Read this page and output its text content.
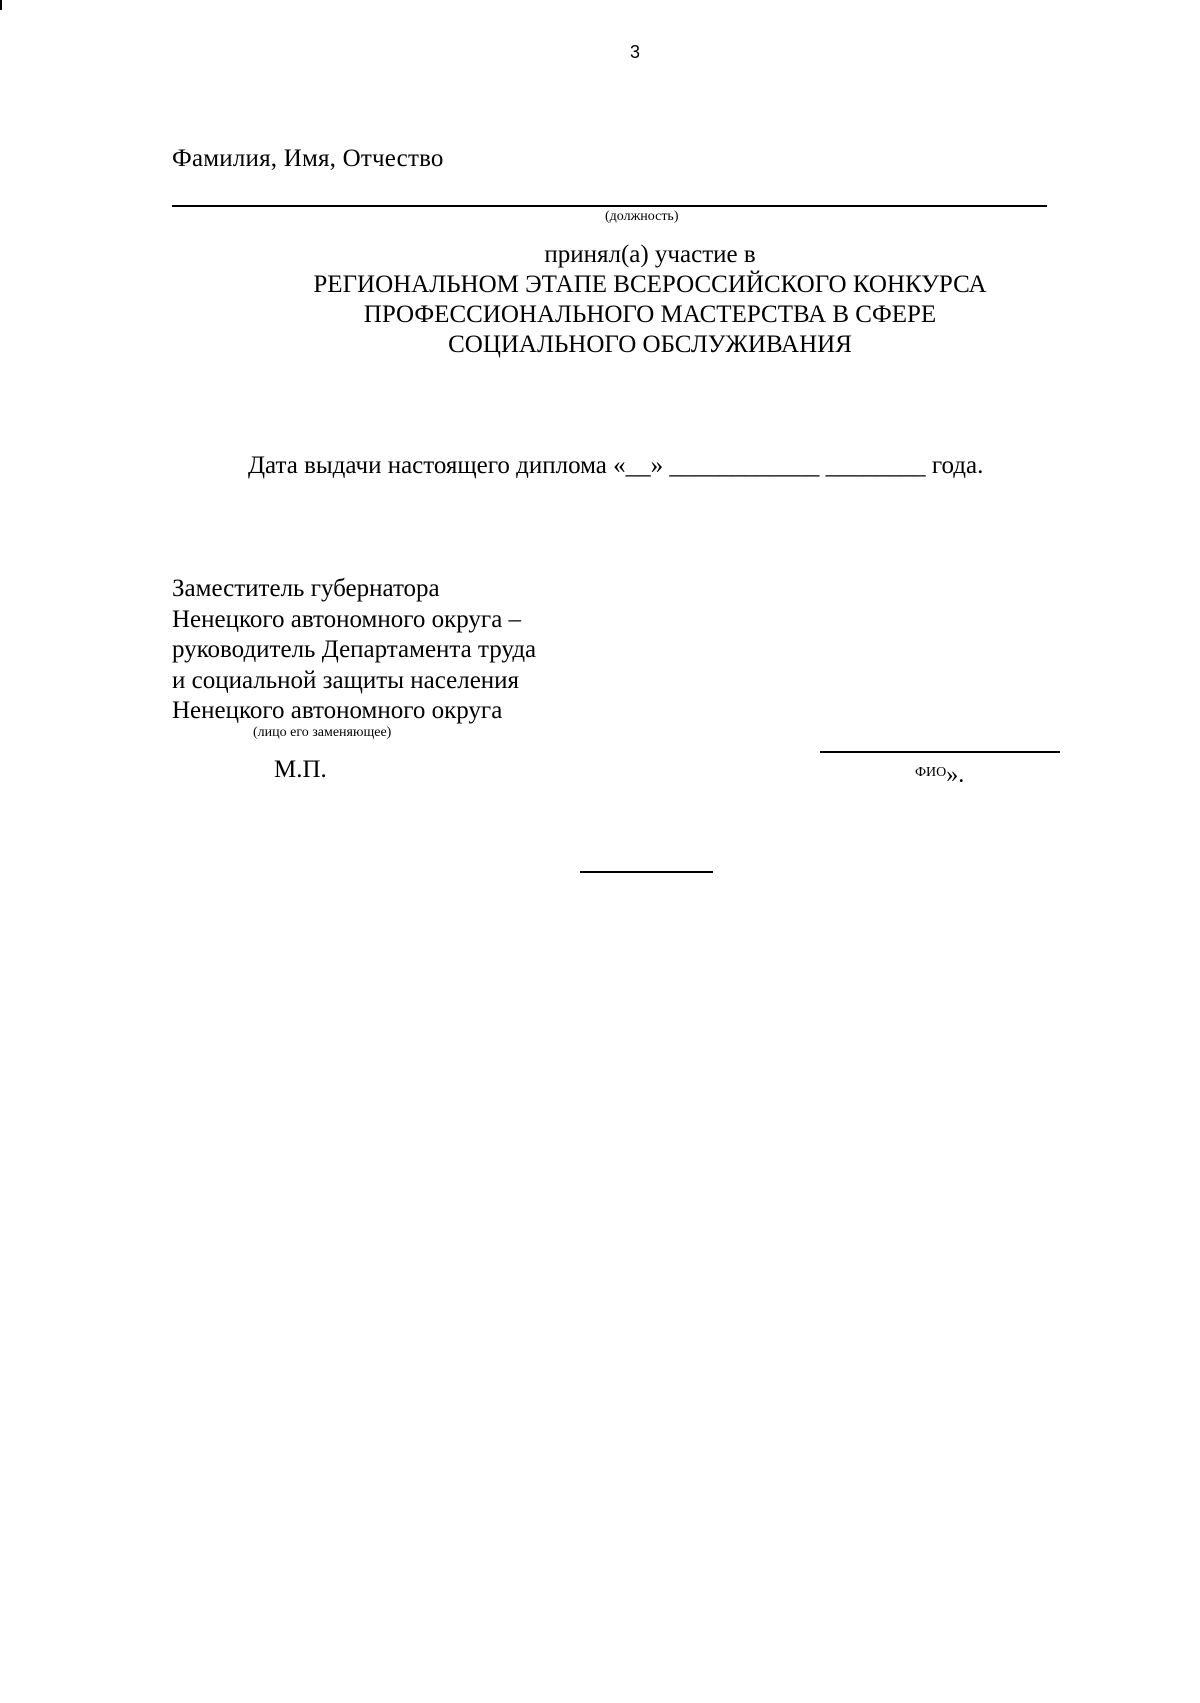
3
Фамилия, Имя, Отчество
(должность)
принял(а) участие в
РЕГИОНАЛЬНОМ ЭТАПЕ ВСЕРОССИЙСКОГО КОНКУРСА
ПРОФЕССИОНАЛЬНОГО МАСТЕРСТВА В СФЕРЕ
СОЦИАЛЬНОГО ОБСЛУЖИВАНИЯ
Дата выдачи настоящего диплома «__» ____________ ________ года.
Заместитель губернатора
Ненецкого автономного округа –
руководитель Департамента труда
и социальной защиты населения
Ненецкого автономного округа
(лицо его заменяющее)
М.П.	ФИО».
